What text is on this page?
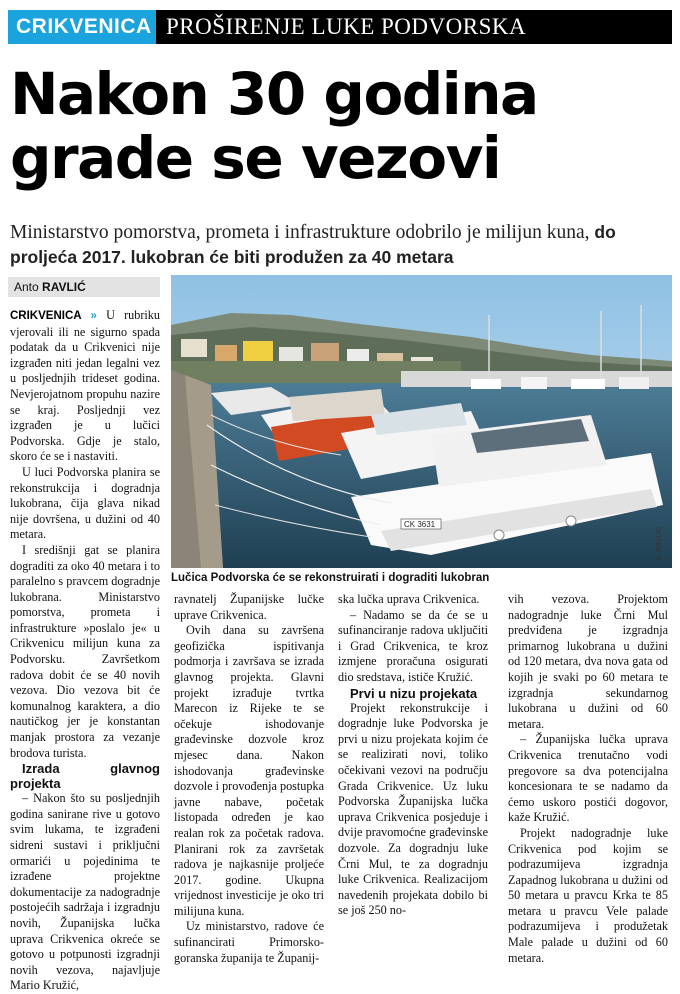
CRIKVENICA PROŠIRENJE LUKE PODVORSKA
Nakon 30 godina
grade se vezovi
Ministarstvo pomorstva, prometa i infrastrukture odobrilo je milijun kuna, do proljeća 2017. lukobran će biti produžen za 40 metara
Anto RAVLIĆ
CK 3631
A. RAVLIĆ
Lučica Podvorska će se rekonstruirati i dograditi lukobran

CRIKVENICA » U rubriku vjerovali ili ne sigurno spada podatak da u Crikvenici nije izgrađen niti jedan legalni vez u posljednjih trideset godina. Nevjerojatnom propuhu nazire se kraj. Posljednji vez izgrađen je u lučici Podvorska. Gdje je stalo, skoro će se i nastaviti.

U luci Podvorska planira se rekonstrukcija i dogradnja lukobrana, čija glava nikad nije dovršena, u dužini od 40 metara.

I središnji gat se planira dograditi za oko 40 metara i to paralelno s pravcem dogradnje lukobrana. Ministarstvo pomorstva, prometa i infrastrukture »poslalo je« u Crikvenicu milijun kuna za Podvorsku. Završetkom radova dobit će se 40 novih vezova. Dio vezova bit će komunalnog karaktera, a dio nautičkog jer je konstantan manjak prostora za vezanje brodova turista.

Izrada glavnog projekta

– Nakon što su posljednjih godina sanirane rive u gotovo svim lukama, te izgrađeni sidreni sustavi i priključni ormarići u pojedinima te izrađene projektne dokumentacije za nadogradnje postojećih sadržaja i izgradnju novih, Županijska lučka uprava Crikvenica okreće se gotovo u potpunosti izgradnji novih vezova, najavljuje Mario Kružić,

ravnatelj Županijske lučke uprave Crikvenica.

Ovih dana su završena geofizička ispitivanja podmorja i završava se izrada glavnog projekta. Glavni projekt izrađuje tvrtka Marecon iz Rijeke te se očekuje ishodovanje građevinske dozvole kroz mjesec dana. Nakon ishodovanja građevinske dozvole i provođenja postupka javne nabave, početak listopada određen je kao realan rok za početak radova. Planirani rok za završetak radova je najkasnije proljeće 2017. godine. Ukupna vrijednost investicije je oko tri milijuna kuna.

Uz ministarstvo, radove će sufinancirati Primorsko-goranska županija te Županij-

ska lučka uprava Crikvenica.

– Nadamo se da će se u sufinanciranje radova uključiti i Grad Crikvenica, te kroz izmjene proračuna osigurati dio sredstava, ističe Kružić.

Prvi u nizu projekata

Projekt rekonstrukcije i dogradnje luke Podvorska je prvi u nizu projekata kojim će se realizirati novi, toliko očekivani vezovi na području Grada Crikvenice. Uz luku Podvorska Županijska lučka uprava Crikvenica posjeduje i dvije pravomoćne građevinske dozvole. Za dogradnju luke Črni Mul, te za dogradnju luke Crikvenica. Realizacijom navedenih projekata dobilo bi se još 250 no-

vih vezova. Projektom nadogradnje luke Črni Mul predviđena je izgradnja primarnog lukobrana u dužini od 120 metara, dva nova gata od kojih je svaki po 60 metara te izgradnja sekundarnog lukobrana u dužini od 60 metara.

– Županijska lučka uprava Crikvenica trenutačno vodi pregovore sa dva potencijalna koncesionara te se nadamo da ćemo uskoro postići dogovor, kaže Kružić.

Projekt nadogradnje luke Crikvenica pod kojim se podrazumijeva izgradnja Zapadnog lukobrana u dužini od 50 metara u pravcu Krka te 85 metara u pravcu Vele palade podrazumijeva i produžetak Male palade u dužini od 60 metara.
